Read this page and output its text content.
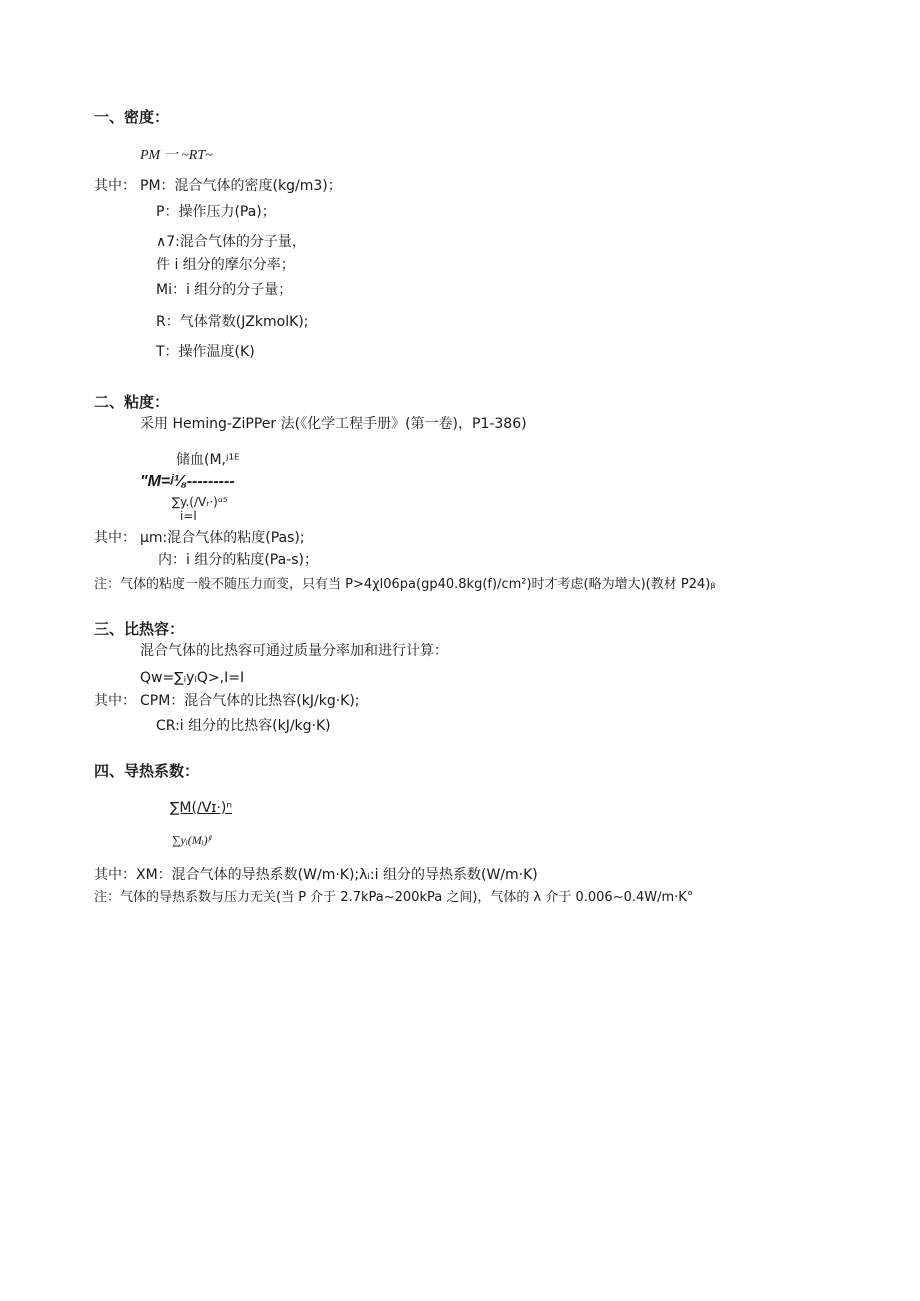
一、密度：
PM 一 ~RT~
其中： PM：混合气体的密度(kg/m3)；
P：操作压力(Pa)；
∧7:混合气体的分子量，
件 i 组分的摩尔分率；
Mi：i 组分的分子量；
R：气体常数(JZkmolK);
T：操作温度(K)
二、粘度：
采用 Heming-ZiPPer 法(《化学工程手册》(第一卷)，P1-386)
储血(M,ʲ¹ᴱ
"M=ʲ⅛---------
∑y.(∕Vᵣ·)ᵅ⁵
i=l
其中： μm:混合气体的粘度(Pas);
内：i 组分的粘度(Pa-s)；
注：气体的粘度一般不随压力而变，只有当 P>4χl06pa(gp40.8kg(f)∕cm²)时才考虑(略为增大)(教材 P24)ᵦ
三、比热容：
混合气体的比热容可通过质量分率加和进行计算：
Qw=∑ᵢyᵢQ>,I=I
其中： CPM：混合气体的比热容(kJ∕kg·K);
CR:i 组分的比热容(kJ∕kg·K)
四、导热系数：
∑M(∕Vɪ·)ⁿ
∑yᵢ(Mᵢ)ᶠⁱ
其中：XM：混合气体的导热系数(W∕m·K);λᵢ:i 组分的导热系数(W∕m·K)
注：气体的导热系数与压力无关(当 P 介于 2.7kPa~200kPa 之间)，气体的 λ 介于 0.006~0.4W∕m·K°
